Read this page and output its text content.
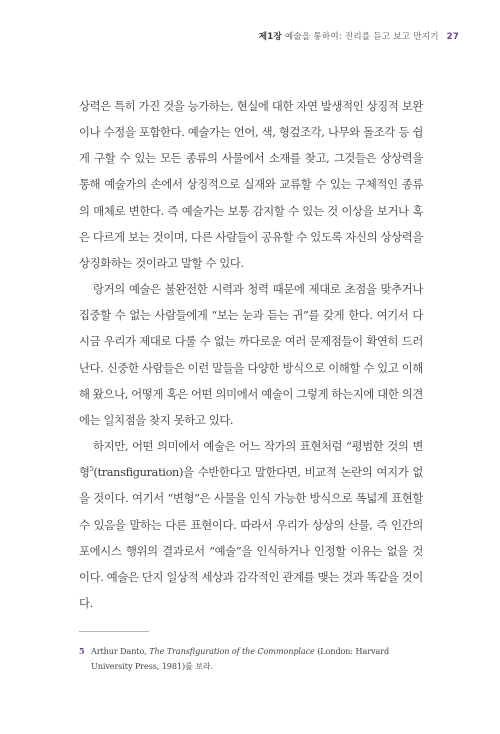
제1장 예술을 통하여: 진리를 듣고 보고 만지기 27

상력은 특히 가진 것을 능가하는, 현실에 대한 자연 발생적인 상징적 보완이나 수정을 포함한다. 예술가는 언어, 색, 형겊조각, 나무와 돌조각 등 쉽게 구할 수 있는 모든 종류의 사물에서 소재를 찾고, 그것들은 상상력을 통해 예술가의 손에서 상징적으로 실재와 교류할 수 있는 구체적인 종류의 매체로 변한다. 즉 예술가는 보통 감지할 수 있는 것 이상을 보거나 혹은 다르게 보는 것이며, 다른 사람들이 공유할 수 있도록 자신의 상상력을 상징화하는 것이라고 말할 수 있다.

랑거의 예술은 불완전한 시력과 청력 때문에 제대로 초점을 맞추거나 집중할 수 없는 사람들에게 “보는 눈과 듣는 귀”를 갖게 한다. 여기서 다시금 우리가 제대로 다룰 수 없는 까다로운 여러 문제점들이 확연히 드러난다. 신중한 사람들은 이런 말들을 다양한 방식으로 이해할 수 있고 이해해 왔으나, 어떻게 혹은 어떤 의미에서 예술이 그렇게 하는지에 대한 의견에는 일치점을 찾지 못하고 있다.

하지만, 어떤 의미에서 예술은 어느 작가의 표현처럼 “평범한 것의 변형$^5$(transfiguration)을 수반한다고 말한다면, 비교적 논란의 여지가 없을 것이다. 여기서 “변형”은 사물을 인식 가능한 방식으로 폭넓게 표현할 수 있음을 말하는 다른 표현이다. 따라서 우리가 상상의 산물, 즉 인간의 포에시스 행위의 결과로서 “예술”을 인식하거나 인정할 이유는 없을 것이다. 예술은 단지 일상적 세상과 감각적인 관계를 맺는 것과 똑같을 것이다.

5 Arthur Danto, The Transfiguration of the Commonplace (London: Harvard University Press, 1981)를 보라.
